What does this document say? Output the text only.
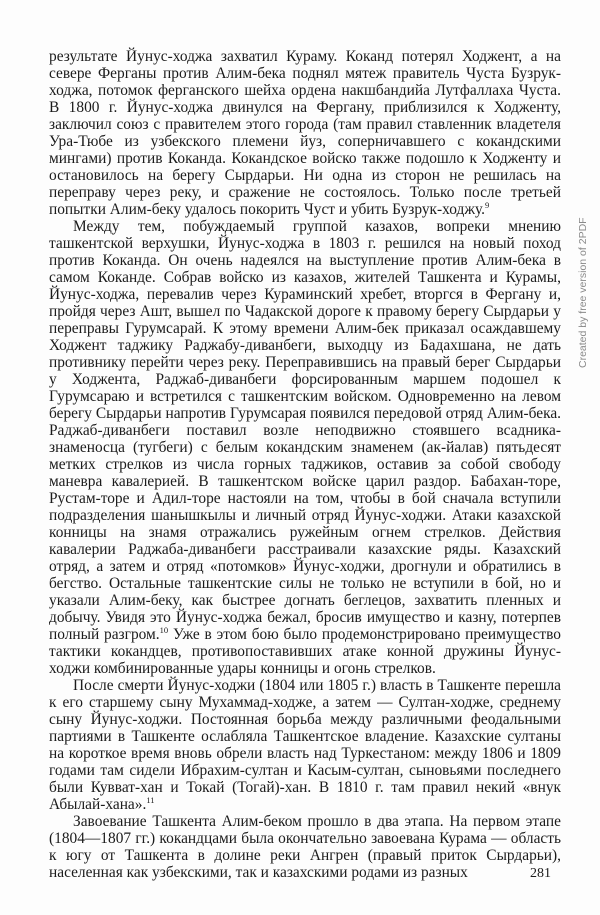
результате Йунус-ходжа захватил Кураму. Коканд потерял Ходжент, а на севере Ферганы против Алим-бека поднял мятеж правитель Чуста Бузрук-ходжа, потомок ферганского шейха ордена накшбандийа Лутфаллаха Чуста. В 1800 г. Йунус-ходжа двинулся на Фергану, приблизился к Ходженту, заключил союз с правителем этого города (там правил ставленник владетеля Ура-Тюбе из узбекского племени йуз, соперничавшего с кокандскими мингами) против Коканда. Кокандское войско также подошло к Ходженту и остановилось на берегу Сырдарьи. Ни одна из сторон не решилась на переправу через реку, и сражение не состоялось. Только после третьей попытки Алим-беку удалось покорить Чуст и убить Бузрук-ходжу.$^9$

Между тем, побуждаемый группой казахов, вопреки мнению ташкентской верхушки, Йунус-ходжа в 1803 г. решился на новый поход против Коканда. Он очень надеялся на выступление против Алим-бека в самом Коканде. Собрав войско из казахов, жителей Ташкента и Курамы, Йунус-ходжа, перевалив через Кураминский хребет, вторгся в Фергану и, пройдя через Ашт, вышел по Чадакской дороге к правому берегу Сырдарьи у переправы Гурумсарай. К этому времени Алим-бек приказал осаждавшему Ходжент таджику Раджабу-диванбеги, выходцу из Бадахшана, не дать противнику перейти через реку. Переправившись на правый берег Сырдарьи у Ходжента, Раджаб-диванбеги форсированным маршем подошел к Гурумсараю и встретился с ташкентским войском. Одновременно на левом берегу Сырдарьи напротив Гурумсарая появился передовой отряд Алим-бека. Раджаб-диванбеги поставил возле неподвижно стоявшего всадника-знаменосца (тугбеги) с белым кокандским знаменем (ак-йалав) пятьдесят метких стрелков из числа горных таджиков, оставив за собой свободу маневра кавалерией. В ташкентском войске царил раздор. Бабахан-торе, Рустам-торе и Адил-торе настояли на том, чтобы в бой сначала вступили подразделения шанышкылы и личный отряд Йунус-ходжи. Атаки казахской конницы на знамя отражались ружейным огнем стрелков. Действия кавалерии Раджаба-диванбеги расстраивали казахские ряды. Казахский отряд, а затем и отряд «потомков» Йунус-ходжи, дрогнули и обратились в бегство. Остальные ташкентские силы не только не вступили в бой, но и указали Алим-беку, как быстрее догнать беглецов, захватить пленных и добычу. Увидя это Йунус-ходжа бежал, бросив имущество и казну, потерпев полный разгром.$^{10}$ Уже в этом бою было продемонстрировано преимущество тактики кокандцев, противопоставивших атаке конной дружины Йунус-ходжи комбинированные удары конницы и огонь стрелков.

После смерти Йунус-ходжи (1804 или 1805 г.) власть в Ташкенте перешла к его старшему сыну Мухаммад-ходже, а затем — Султан-ходже, среднему сыну Йунус-ходжи. Постоянная борьба между различными феодальными партиями в Ташкенте ослабляла Ташкентское владение. Казахские султаны на короткое время вновь обрели власть над Туркестаном: между 1806 и 1809 годами там сидели Ибрахим-султан и Касым-султан, сыновьями последнего были Кувват-хан и Токай (Тогай)-хан. В 1810 г. там правил некий «внук Абылай-хана».$^{11}$

Завоевание Ташкента Алим-беком прошло в два этапа. На первом этапе (1804—1807 гг.) кокандцами была окончательно завоевана Курама — область к югу от Ташкента в долине реки Ангрен (правый приток Сырдарьи), населенная как узбекскими, так и казахскими родами из разных	281
Created by free version of 2PDF
